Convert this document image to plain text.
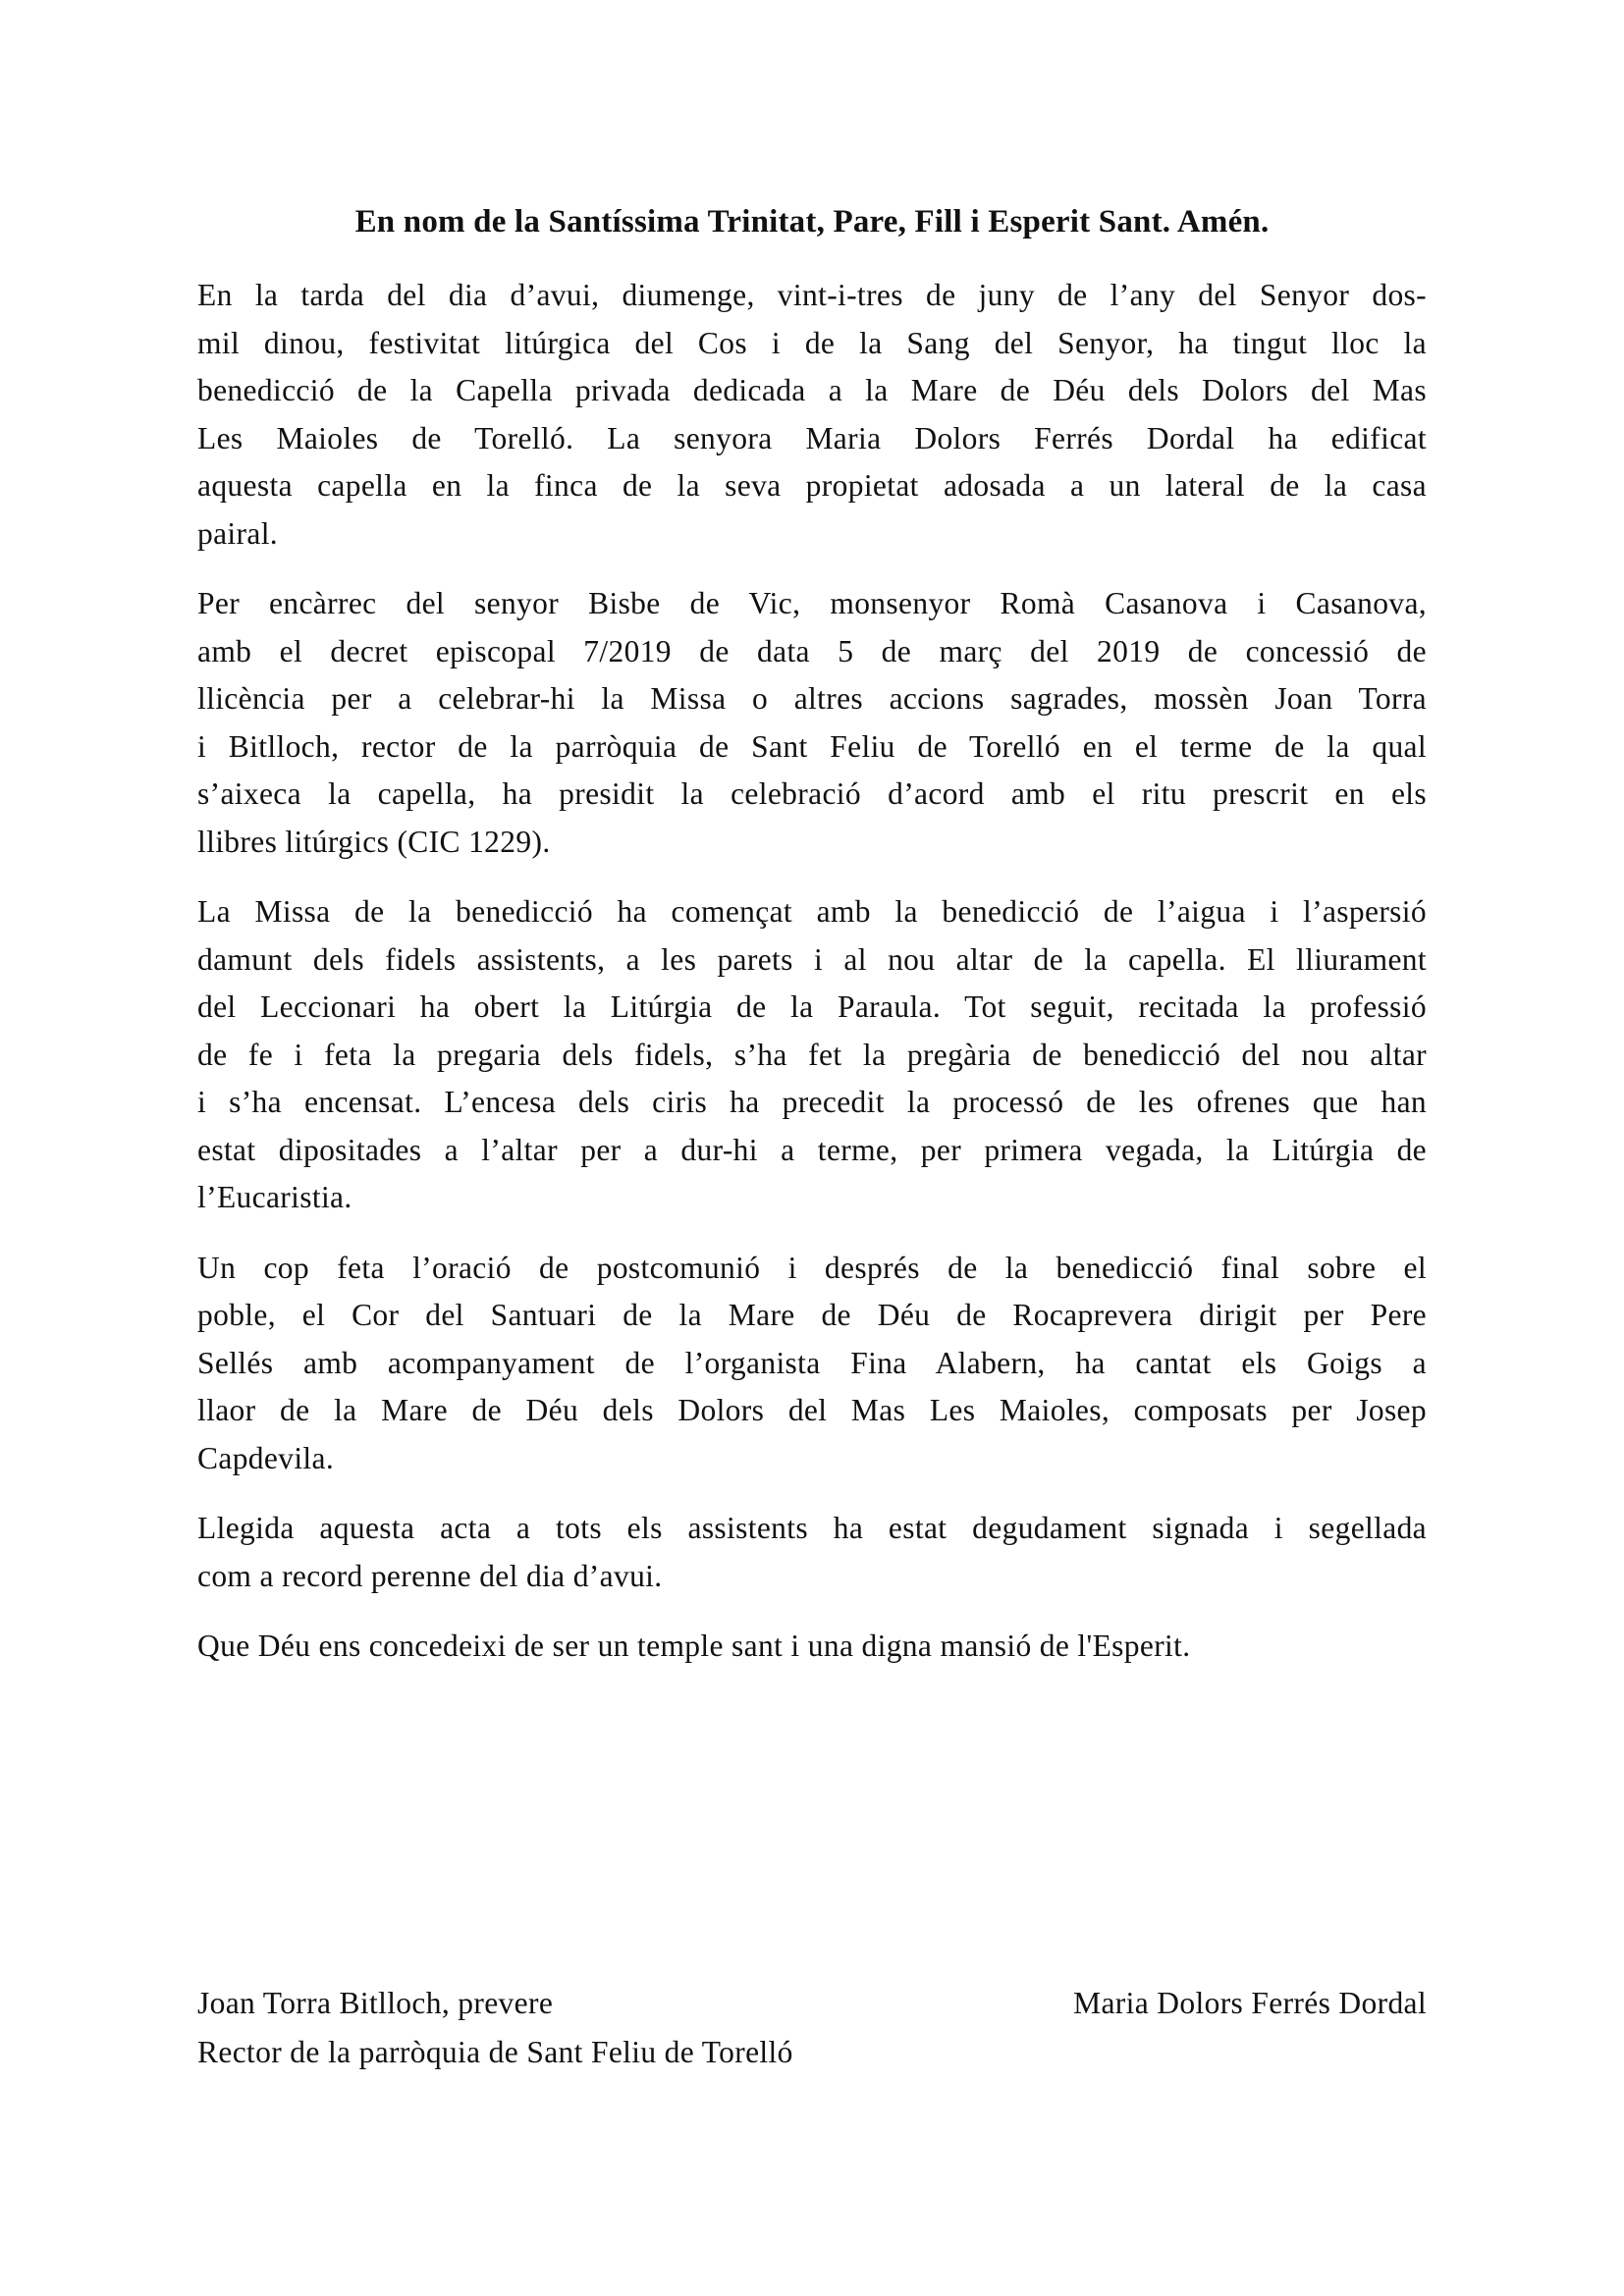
En nom de la Santíssima Trinitat, Pare, Fill i Esperit Sant. Amén.
En la tarda del dia d’avui, diumenge, vint-i-tres de juny de l’any del Senyor dos-
mil dinou, festivitat litúrgica del Cos i de la Sang del Senyor, ha tingut lloc la
benedicció de la Capella privada dedicada a la Mare de Déu dels Dolors del Mas
Les Maioles de Torelló. La senyora Maria Dolors Ferrés Dordal ha edificat
aquesta capella en la finca de la seva propietat adosada a un lateral de la casa
pairal.
Per encàrrec del senyor Bisbe de Vic, monsenyor Romà Casanova i Casanova,
amb el decret episcopal 7/2019 de data 5 de març del 2019 de concessió de
llicència per a celebrar-hi la Missa o altres accions sagrades, mossèn Joan Torra
i Bitlloch, rector de la parròquia de Sant Feliu de Torelló en el terme de la qual
s’aixeca la capella, ha presidit la celebració d’acord amb el ritu prescrit en els
llibres litúrgics (CIC 1229).
La Missa de la benedicció ha començat amb la benedicció de l’aigua i l’aspersió
damunt dels fidels assistents, a les parets i al nou altar de la capella. El lliurament
del Leccionari ha obert la Litúrgia de la Paraula. Tot seguit, recitada la professió
de fe i feta la pregaria dels fidels, s’ha fet la pregària de benedicció del nou altar
i s’ha encensat. L’encesa dels ciris ha precedit la processó de les ofrenes que han
estat dipositades a l’altar per a dur-hi a terme, per primera vegada, la Litúrgia de
l’Eucaristia.
Un cop feta l’oració de postcomunió i després de la benedicció final sobre el
poble, el Cor del Santuari de la Mare de Déu de Rocaprevera dirigit per Pere
Sellés amb acompanyament de l’organista Fina Alabern, ha cantat els Goigs a
llaor de la Mare de Déu dels Dolors del Mas Les Maioles, composats per Josep
Capdevila.
Llegida aquesta acta a tots els assistents ha estat degudament signada i segellada
com a record perenne del dia d’avui.
Que Déu ens concedeixi de ser un temple sant i una digna mansió de l'Esperit.
Joan Torra Bitlloch, prevere
Rector de la parròquia de Sant Feliu de Torelló
Maria Dolors Ferrés Dordal
